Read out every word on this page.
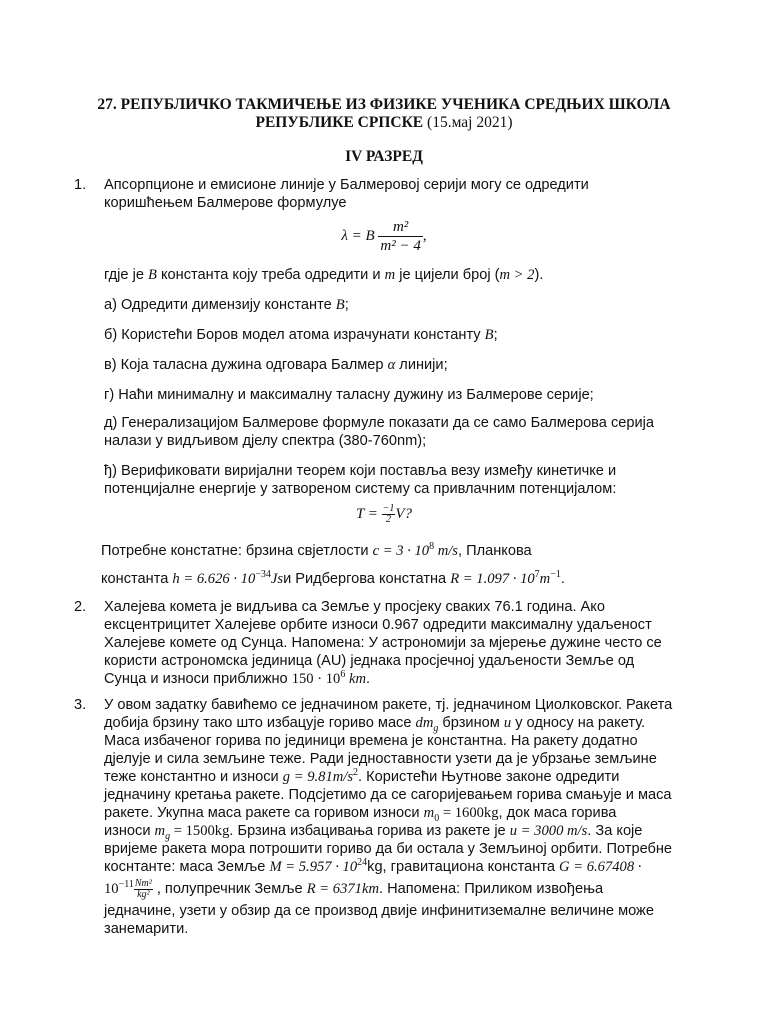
27. РЕПУБЛИЧКО ТАКМИЧЕЊЕ ИЗ ФИЗИКЕ УЧЕНИКА СРЕДЊИХ ШКОЛА
РЕПУБЛИКЕ СРПСКЕ (15.мај 2021)
IV РАЗРЕД
1. Апсорпционе и емисионе линије у Балмеровој серији могу се одредити
коришћењем Балмерове формулуе
λ = B $\frac{\text{m²}}{\text{m² − 4}}$ ,
гдје је B константа коју треба одредити и m је цијели број (m > 2).
а) Одредити димензију константе B;
б) Користећи Боров модел атома израчунати константу B;
в) Која таласна дужина одговара Балмер α линији;
г) Наћи минималну и максималну таласну дужину из Балмерове серије;
д) Генерализацијом Балмерове формуле показати да се само Балмерова серија
налази у видљивом дјелу спектра (380-760nm);
ђ) Верификовати виријални теорем који поставља везу између кинетичке и
потенцијалне енергије у затвореном систему са привлачним потенцијалом:
$T = \frac{-1}{2} V$?
Потребне констатне: брзина свјетлости $c = 3 \cdot 10^8$ m/s, Планкова
константа $h = 6.626 \cdot 10^{-34}Jsи$ Ридбергова констатна $R = 1.097 \cdot 10^7m^{-1}$.
2. Халејева комета је видљива са Земље у просјеку сваких 76.1 година. Ако
ексцентрицитет Халејеве орбите износи 0.967 одредити максималну удаљеност
Халејеве комете од Сунца. Напомена: У астрономији за мјерење дужине често се
користи астрономска јединица (AU) једнака просјечној удаљености Земље од
Сунца и износи приближно $150 \cdot 10^6$ km.
3. У овом задатку бавићемо се једначином ракете, тј. једначином Циолковског. Ракета
добија брзину тако што избацује гориво масе $dm_g$ брзином u у односу на ракету.
Маса избаченог горива по јединици времена је константна. На ракету додатно
дјелује и сила земљине теже. Ради једноставности узети да је убрзање земљине
теже константно и износи $g = 9.81m/s^2$. Користећи Њутнове законе одредити
једначину кретања ракете. Подсјетимо да се сагоријевањем горива смањује и маса
ракете. Укупна маса ракете са горивом износи $m_0 = 1600kg$, док маса горива
износи $m_g = 1500kg$. Брзина избацивања горива из ракете је u = 3000 m/s. За које
вријеме ракета мора потрошити гориво да би остала у Земљиној орбити. Потребне
коснтанте: маса Земље $M = 5.957 \cdot 10^{24}kg$, гравитациона константа G = 6.67408 ·
$10^{-11} \frac{\text{Nm²}}{\text{kg²}}$ , полупречник Земље R = 6371km. Напомена: Приликом извођења
једначине, узети у обзир да се производ двије инфинитиземалне величине може
занемарити.
